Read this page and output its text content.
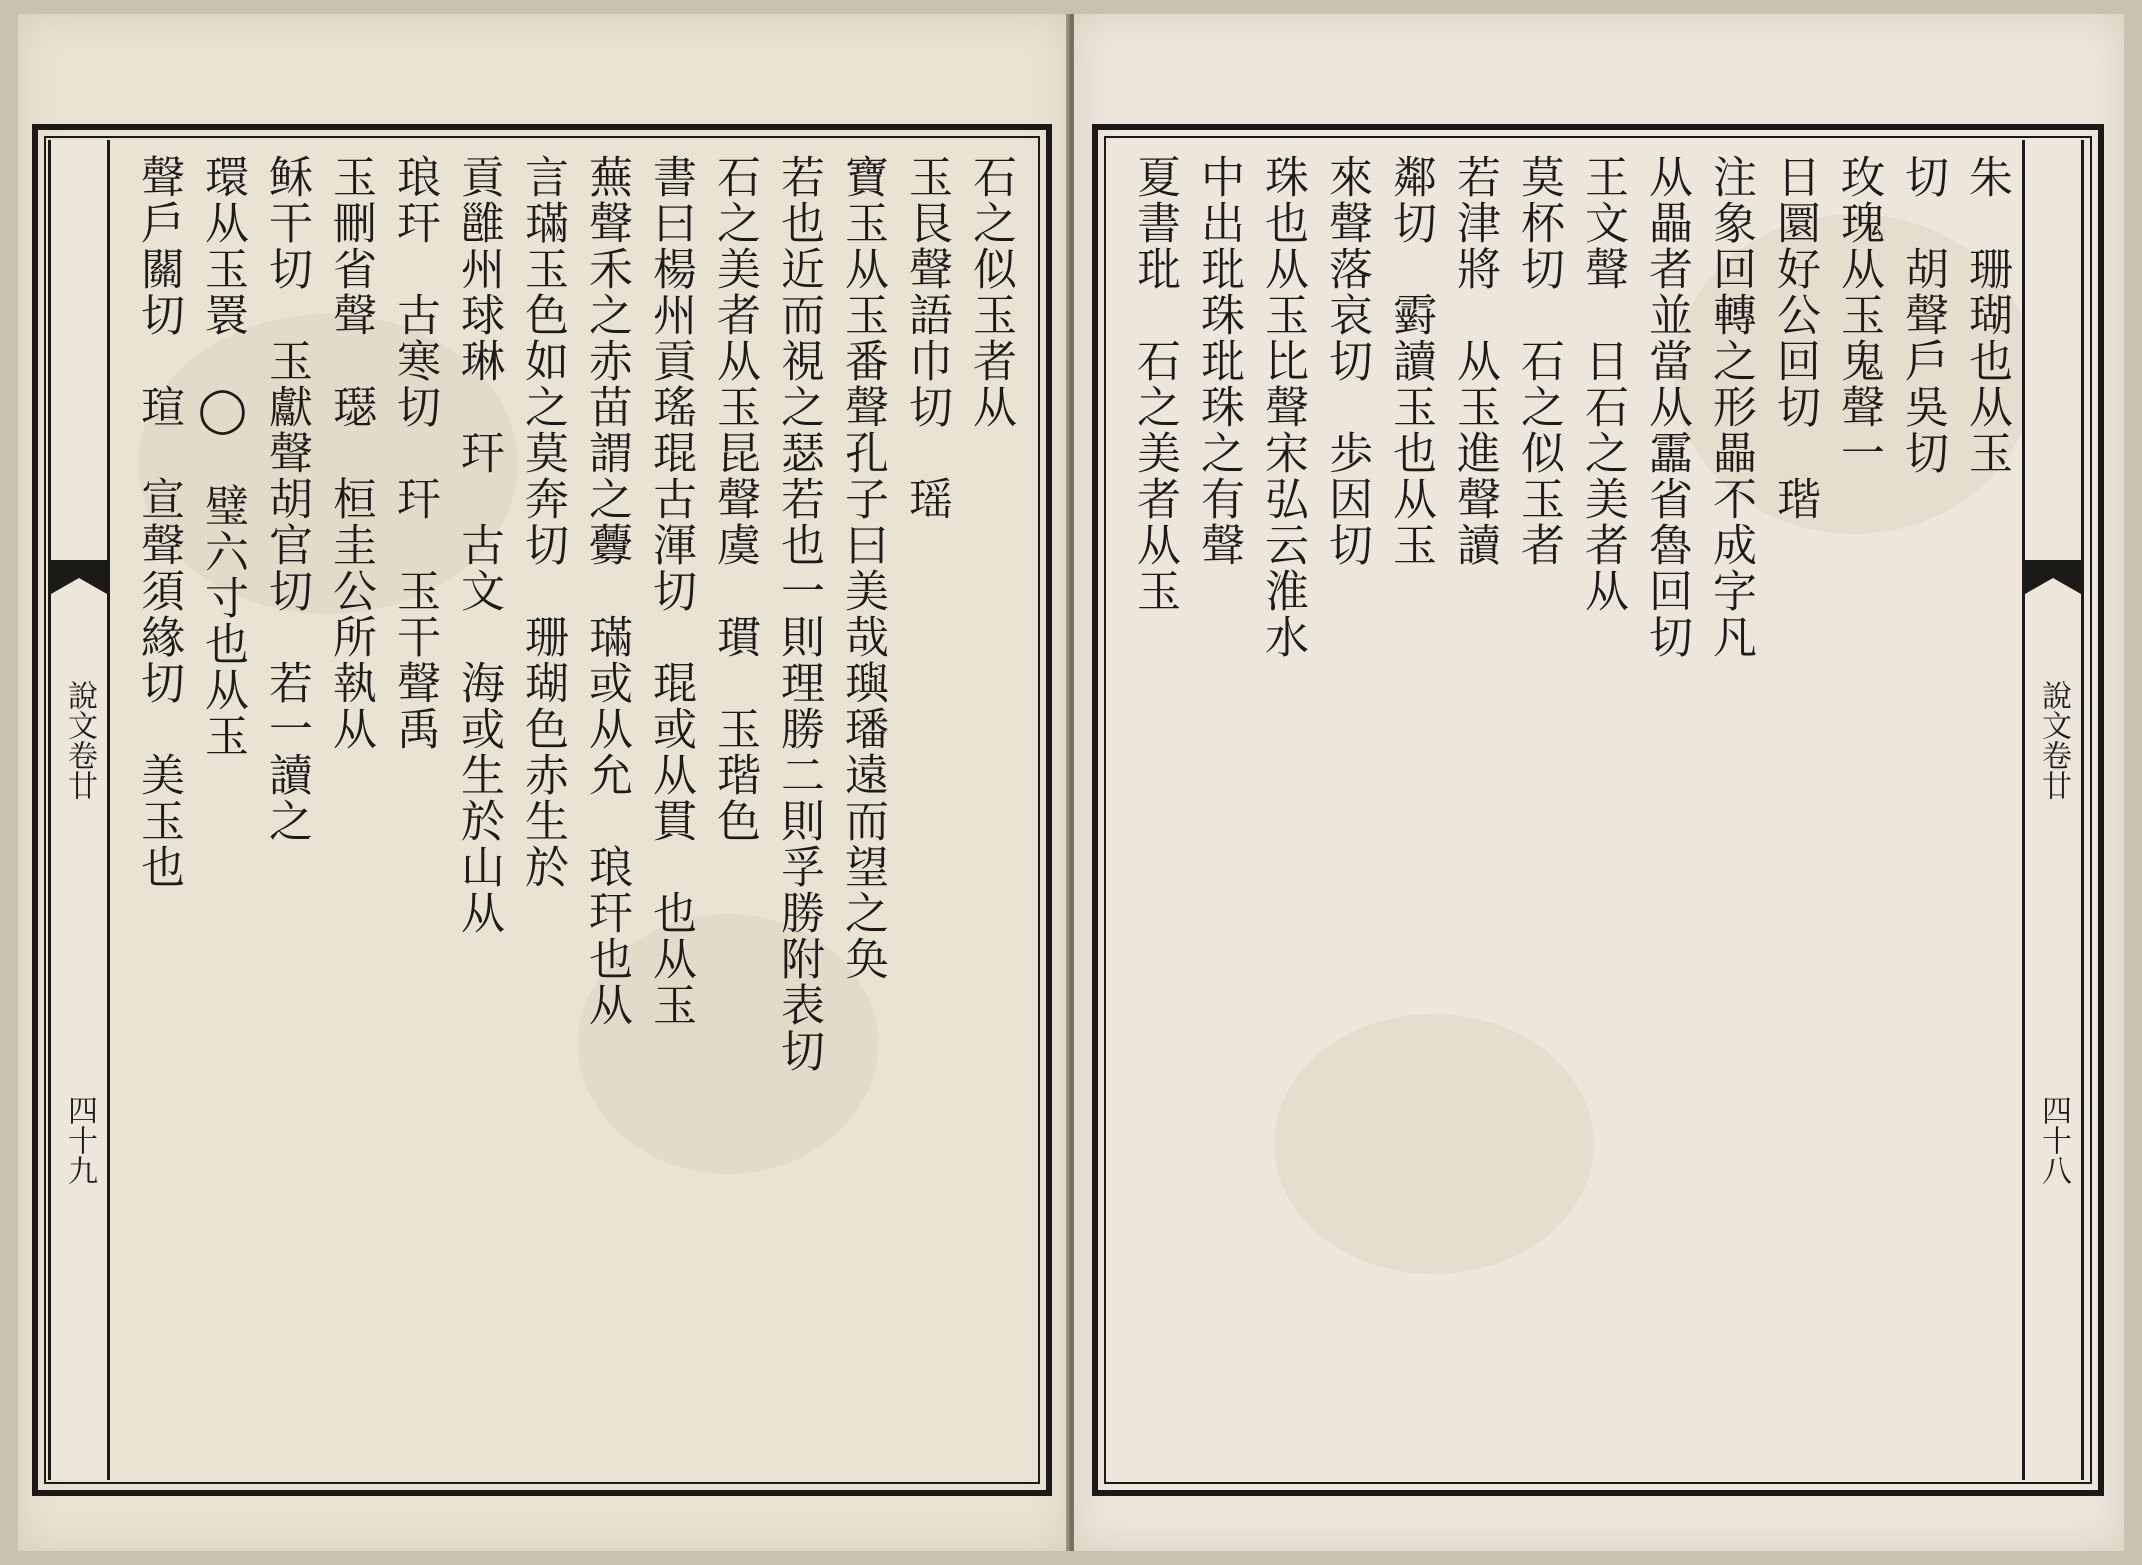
石之似玉者从
玉艮聲語巾切　瑶
寶玉从玉番聲孔子曰美哉璵璠遠而望之奂
若也近而視之瑟若也一則理勝二則孚勝附表切
石之美者从玉昆聲虞　瑻　玉瑎色
書曰楊州貢瑤琨古渾切　琨或从貫　也从玉
蕪聲禾之赤苗謂之虋　璊或从允　琅玕也从
言璊玉色如之莫奔切　珊瑚色赤生於
貢雝州球琳　玕　古文　海或生於山从
琅玕　古寒切　玕　玉干聲禹
玉刪省聲　璱　桓圭公所執从
稣干切　玉獻聲胡官切　若一讀之
環从玉瞏　◯　璧六寸也从玉
聲戶關切　瑄　宣聲須緣切　美玉也
說文卷廿
四十九
朱　珊瑚也从玉
切　胡聲戶吳切
玫瑰从玉鬼聲一
日圜好公回切　瑎
注象回轉之形畾不成字凡
从畾者並當从靁省魯回切
王文聲　日石之美者从
莫杯切　石之似玉者
若津將　从玉進聲讀
鄰切　䨴讀玉也从玉
來聲落哀切　歩因切
珠也从玉比聲宋弘云淮水
中出玭珠玭珠之有聲
夏書玭　石之美者从玉
說文卷廿
四十八
